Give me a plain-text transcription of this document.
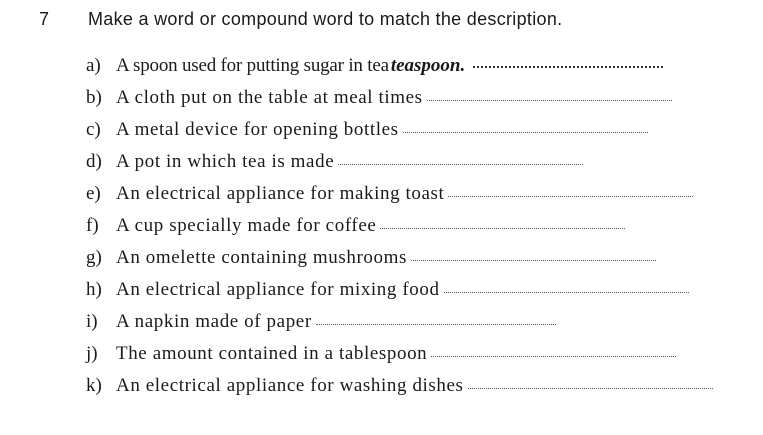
7 Make a word or compound word to match the description.
a) A spoon used for putting sugar in tea teaspoon.
b) A cloth put on the table at meal times
c) A metal device for opening bottles
d) A pot in which tea is made
e) An electrical appliance for making toast
f) A cup specially made for coffee
g) An omelette containing mushrooms
h) An electrical appliance for mixing food
i) A napkin made of paper
j) The amount contained in a tablespoon
k) An electrical appliance for washing dishes
